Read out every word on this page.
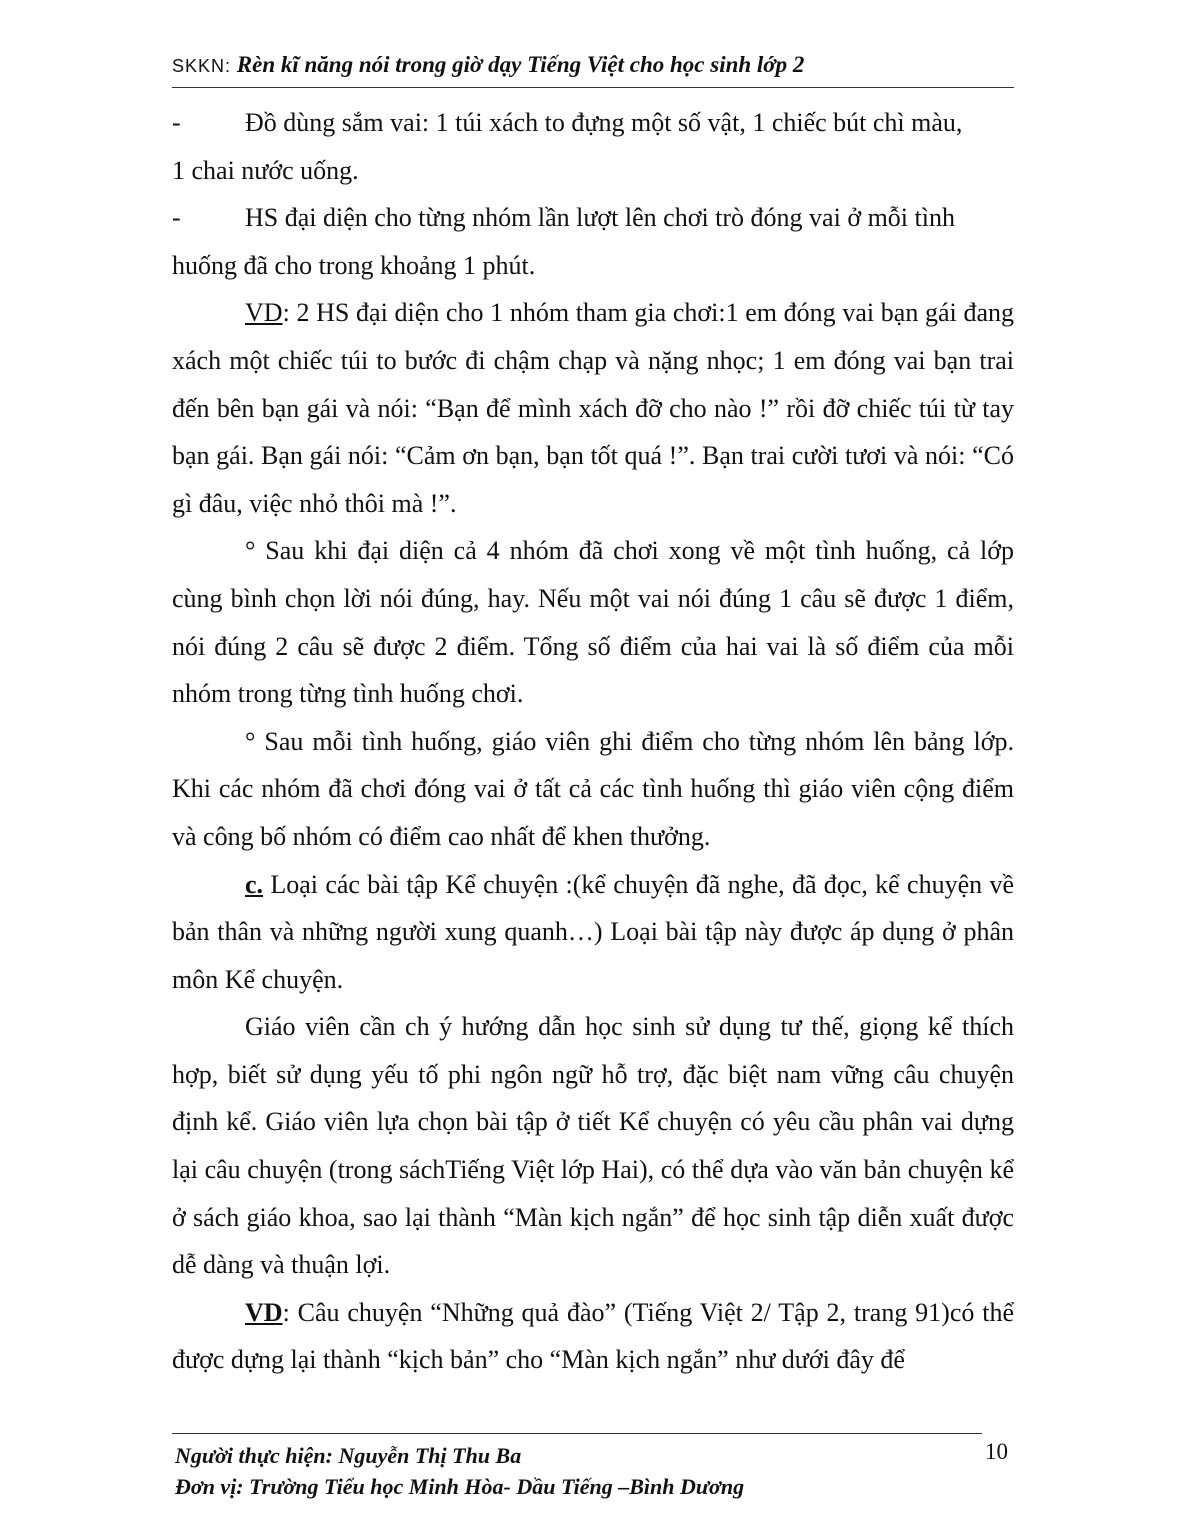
SKKN: Rèn kĩ năng nói trong giờ dạy Tiếng Việt cho học sinh lớp 2

- Đồ dùng sắm vai: 1 túi xách to đựng một số vật, 1 chiếc bút chì màu,

1 chai nước uống.

- HS đại diện cho từng nhóm lần lượt lên chơi trò đóng vai ở mỗi tình

huống đã cho trong khoảng 1 phút.

VD: 2 HS đại diện cho 1 nhóm tham gia chơi:1 em đóng vai bạn gái đang xách một chiếc túi to bước đi chậm chạp và nặng nhọc; 1 em đóng vai bạn trai đến bên bạn gái và nói: “Bạn để mình xách đỡ cho nào !” rồi đỡ chiếc túi từ tay bạn gái. Bạn gái nói: “Cảm ơn bạn, bạn tốt quá !”. Bạn trai cười tươi và nói: “Có gì đâu, việc nhỏ thôi mà !”.

° Sau khi đại diện cả 4 nhóm đã chơi xong về một tình huống, cả lớp cùng bình chọn lời nói đúng, hay. Nếu một vai nói đúng 1 câu sẽ được 1 điểm, nói đúng 2 câu sẽ được 2 điểm. Tổng số điểm của hai vai là số điểm của mỗi nhóm trong từng tình huống chơi.

° Sau mỗi tình huống, giáo viên ghi điểm cho từng nhóm lên bảng lớp. Khi các nhóm đã chơi đóng vai ở tất cả các tình huống thì giáo viên cộng điểm và công bố nhóm có điểm cao nhất để khen thưởng.

c. Loại các bài tập Kể chuyện :(kể chuyện đã nghe, đã đọc, kể chuyện về bản thân và những người xung quanh…) Loại bài tập này được áp dụng ở phân môn Kể chuyện.

Giáo viên cần ch ý hướng dẫn học sinh sử dụng tư thế, giọng kể thích hợp, biết sử dụng yếu tố phi ngôn ngữ hỗ trợ, đặc biệt nam vững câu chuyện định kể. Giáo viên lựa chọn bài tập ở tiết Kể chuyện có yêu cầu phân vai dựng lại câu chuyện (trong sáchTiếng Việt lớp Hai), có thể dựa vào văn bản chuyện kể ở sách giáo khoa, sao lại thành “Màn kịch ngắn” để học sinh tập diễn xuất được dễ dàng và thuận lợi.

VD: Câu chuyện “Những quả đào” (Tiếng Việt 2/ Tập 2, trang 91)có thể được dựng lại thành “kịch bản” cho “Màn kịch ngắn” như dưới đây để

Người thực hiện: Nguyễn Thị Thu Ba
Đơn vị: Trường Tiểu học Minh Hòa- Dầu Tiếng –Bình Dương
10
